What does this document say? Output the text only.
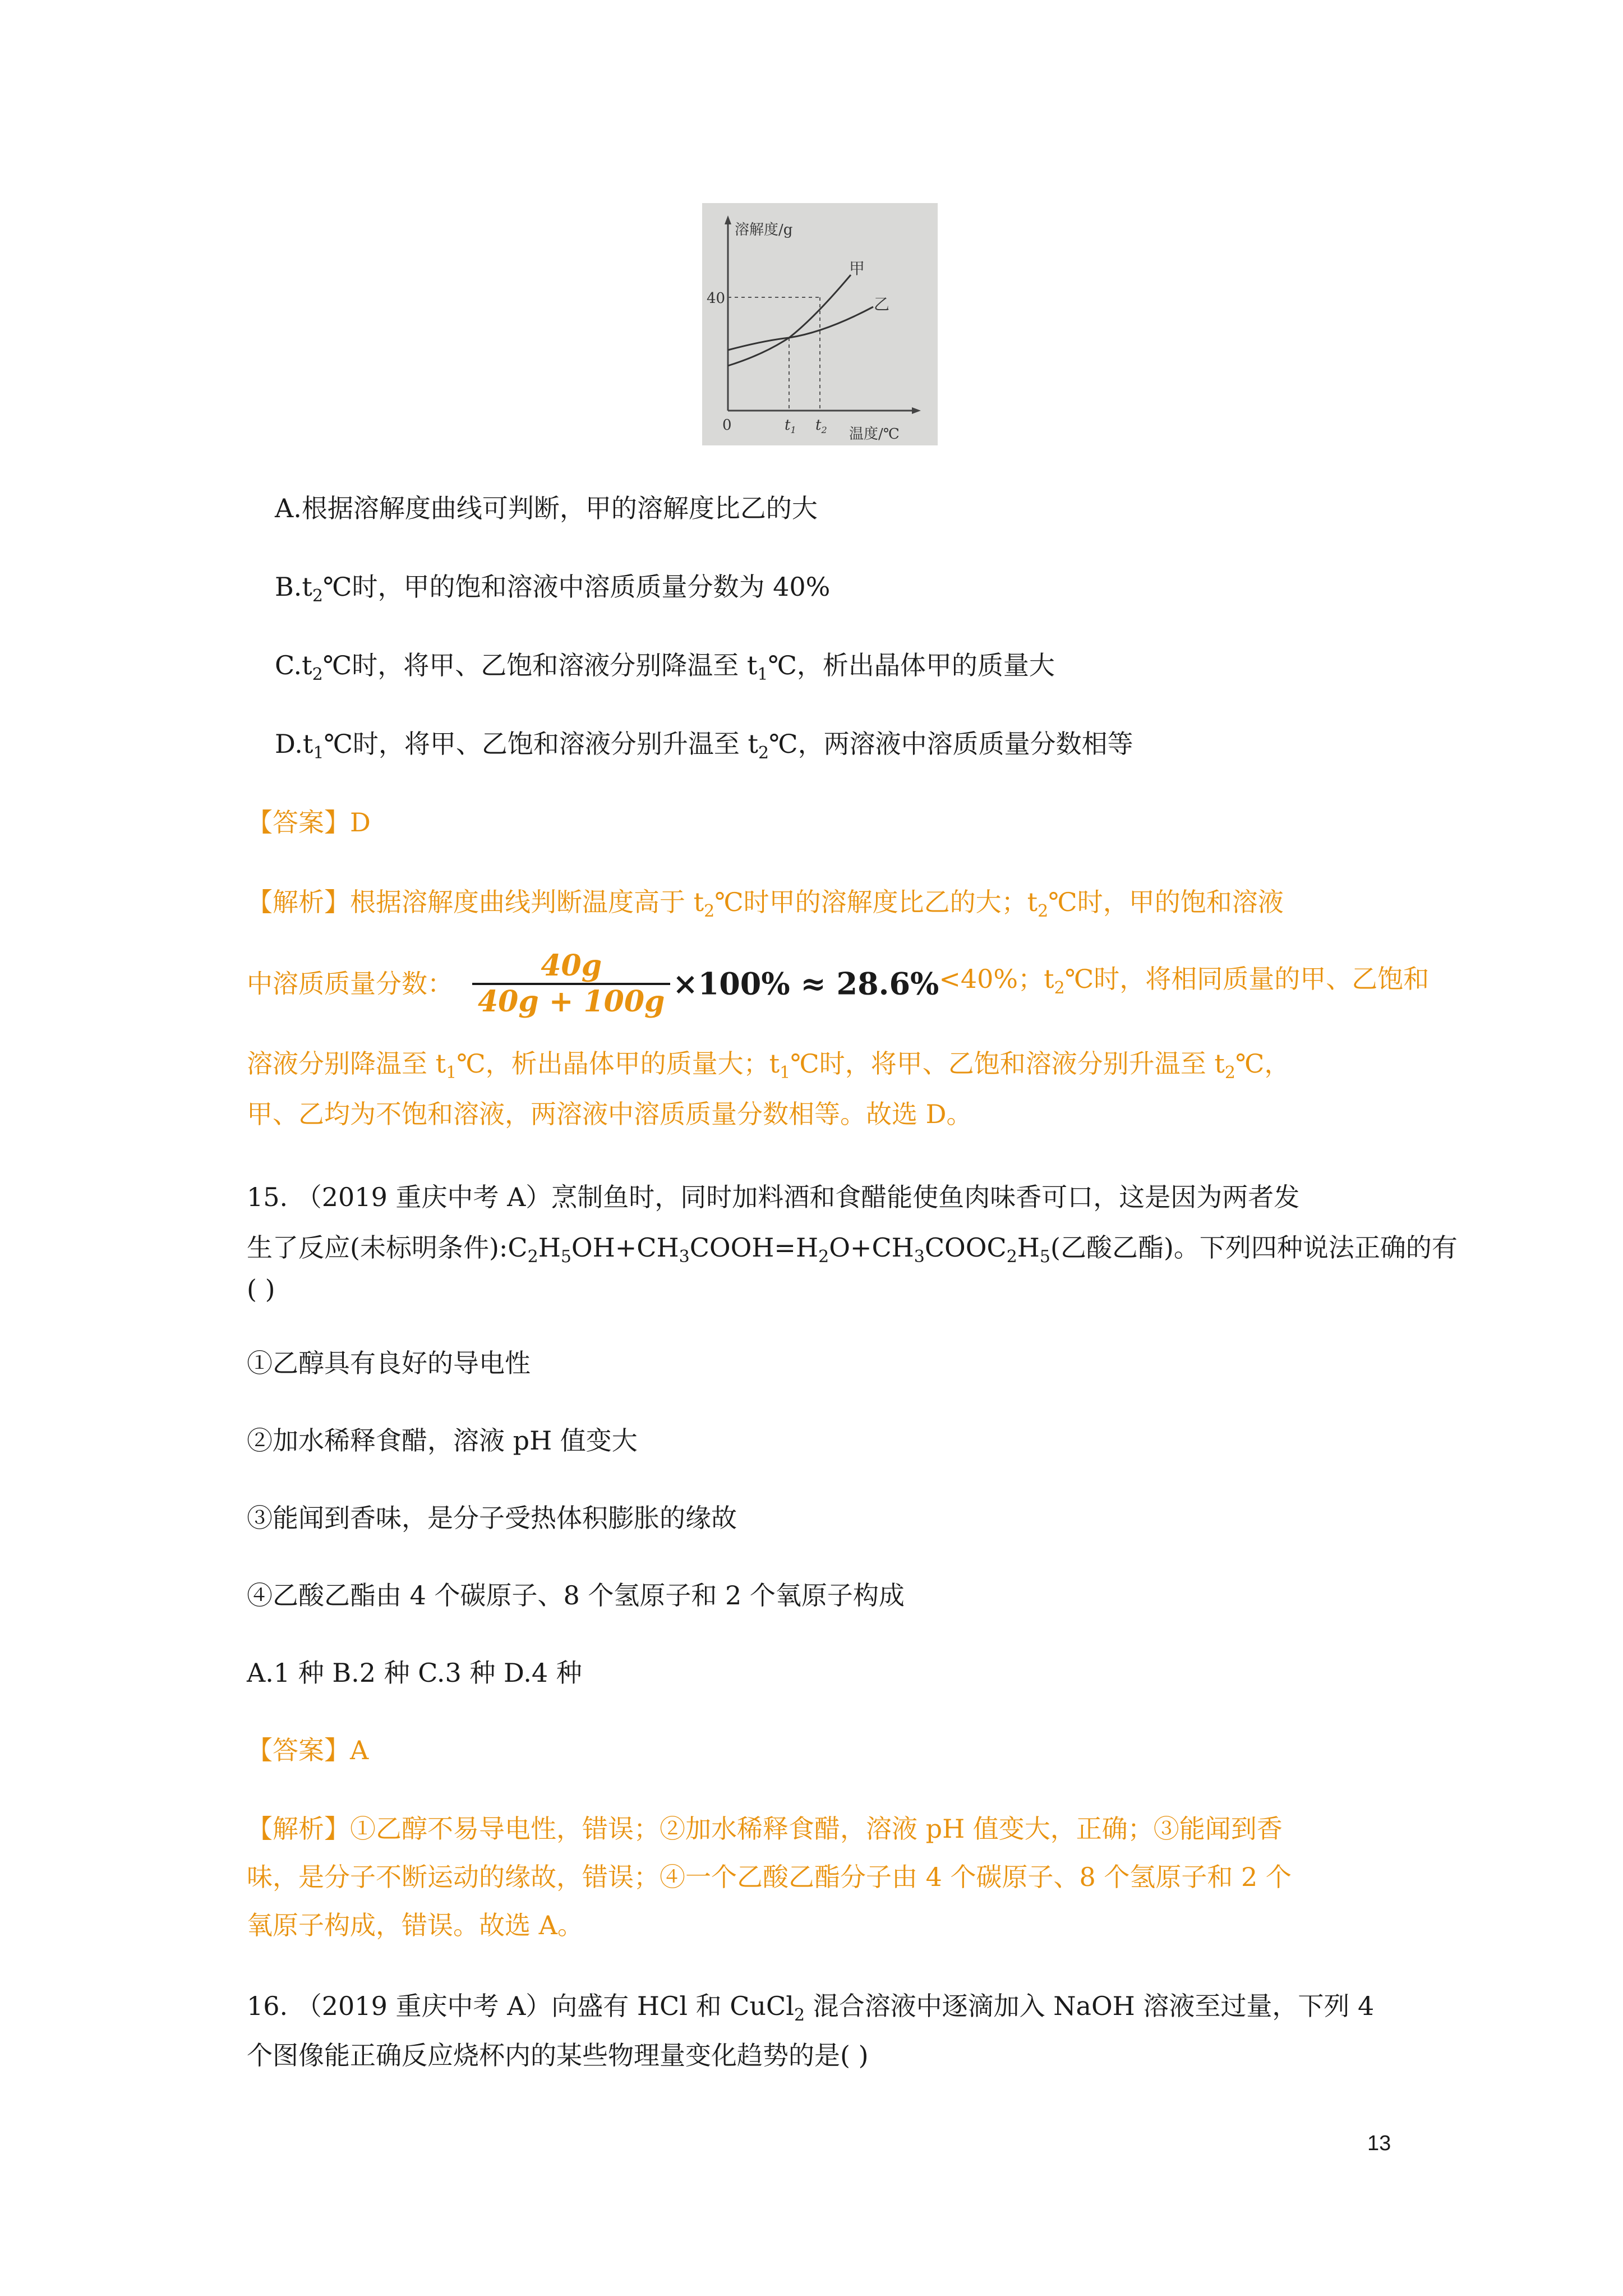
溶解度/g
40
0	$t_1$ $t_2$ 温度/℃
甲
乙
A.根据溶解度曲线可判断，甲的溶解度比乙的大
$B.t_2℃$时，甲的饱和溶液中溶质质量分数为 40%
$C.t_2℃$时，将甲、乙饱和溶液分别降温至 $t_1℃$，析出晶体甲的质量大
$D.t_1℃$时，将甲、乙饱和溶液分别升温至 $t_2℃$，两溶液中溶质质量分数相等
【答案】D
【解析】根据溶解度曲线判断温度高于 $t_2℃$时甲的溶解度比乙的大；$t_2℃$时，甲的饱和溶液
中溶质质量分数： $\frac{40g}{40g + 100g} \times 100\% \approx 28.6\%<40\%$；$t_2℃$时，将相同质量的甲、乙饱和
溶液分别降温至 $t_1℃$，析出晶体甲的质量大；$t_1℃$时，将甲、乙饱和溶液分别升温至 $t_2℃$，
甲、乙均为不饱和溶液，两溶液中溶质质量分数相等。故选 D。
15. （2019 重庆中考 A）烹制鱼时，同时加料酒和食醋能使鱼肉味香可口，这是因为两者发
生了反应(未标明条件)$:C_2H_5OH+CH_3COOH=H_2O+CH_3COOC_2H_5$(乙酸乙酯)。下列四种说法正确的有
( )
①乙醇具有良好的导电性
②加水稀释食醋，溶液 pH 值变大
③能闻到香味，是分子受热体积膨胀的缘故
④乙酸乙酯由 4 个碳原子、8 个氢原子和 2 个氧原子构成
A.1 种 B.2 种 C.3 种 D.4 种
【答案】A
【解析】①乙醇不易导电性，错误；②加水稀释食醋，溶液 pH 值变大，正确；③能闻到香
味，是分子不断运动的缘故，错误；④一个乙酸乙酯分子由 4 个碳原子、8 个氢原子和 2 个
氧原子构成，错误。故选 A。
16. （2019 重庆中考 A）向盛有 HCl 和 CuCl$_2$ 混合溶液中逐滴加入 NaOH 溶液至过量，下列 4
个图像能正确反应烧杯内的某些物理量变化趋势的是( )
13
